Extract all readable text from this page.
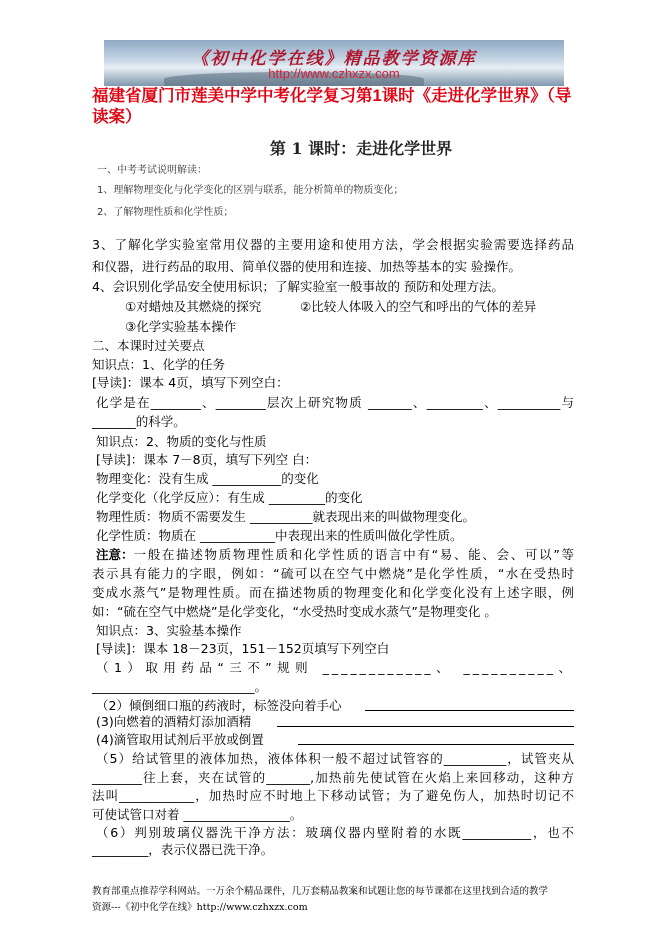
《初中化学在线》精品教学资源库
http://www.czhxzx.com
福建省厦门市莲美中学中考化学复习第1课时《走进化学世界》（导读案）
第 1 课时：走进化学世界
一、中考考试说明解读：
1、理解物理变化与化学变化的区别与联系，能分析简单的物质变化；
2、了解物理性质和化学性质；
3、了解化学实验室常用仪器的主要用途和使用方法，学会根据实验需要选择药品
和仪器，进行药品的取用、简单仪器的使用和连接、加热等基本的实 验操作。
4、会识别化学品安全使用标识；了解实验室一般事故的 预防和处理方法。
①对蜡烛及其燃烧的探究	②比较人体吸入的空气和呼出的气体的差异
③化学实验基本操作
二、本课时过关要点
知识点：1、化学的任务
[导读]：课本 4页，填写下列空白：
化学是在________、________层次上研究物质 _______、_________、__________与
_______的科学。
知识点：2、物质的变化与性质
[导读]：课本 7－8页，填写下列空 白：
物理变化：没有生成 ___________的变化
化学变化（化学反应）：有生成 _________的变化
物理性质：物质不需要发生 __________就表现出来的叫做物理变化。
化学性质：物质在 ____________中表现出来的性质叫做化学性质。
注意： 一般在描述物质物理性质和化学性质的语言中有“易、能、会、可以”等
表示具有能力的字眼，例如：“硫可以在空气中燃烧”是化学性质，“水在受热时
变成水蒸气”是物理性质。而在描述物质的物理变化和化学变化没有上述字眼，例
如：“硫在空气中燃烧”是化学变化，“水受热时变成水蒸气”是物理变化 。
知识点：3、实验基本操作
[导读]：课本 18－23页，151－152页填写下列空白
（1）取用药品“三不”规则 ____________、 __________、
__________________________。
（2）倾倒细口瓶的药液时，标签没向着手心
(3)向燃着的酒精灯添加酒精
(4)滴管取用试剂后平放或倒置
（5）给试管里的液体加热，液体体积一般不超过试管容的__________，试管夹从
________往上套，夹在试管的_______,加热前先使试管在火焰上来回移动，这种方
法叫____________，加热时应不时地上下移动试管；为了避免伤人，加热时切记不
可使试管口对着 _________________。
（6）判别玻璃仪器洗干净方法：玻璃仪器内壁附着的水既___________，也不
_________，表示仪器已洗干净。
教育部重点推荐学科网站。一万余个精品课件，几万套精品教案和试题让您的每节课都在这里找到合适的教学
资源---《初中化学在线》http://www.czhxzx.com
